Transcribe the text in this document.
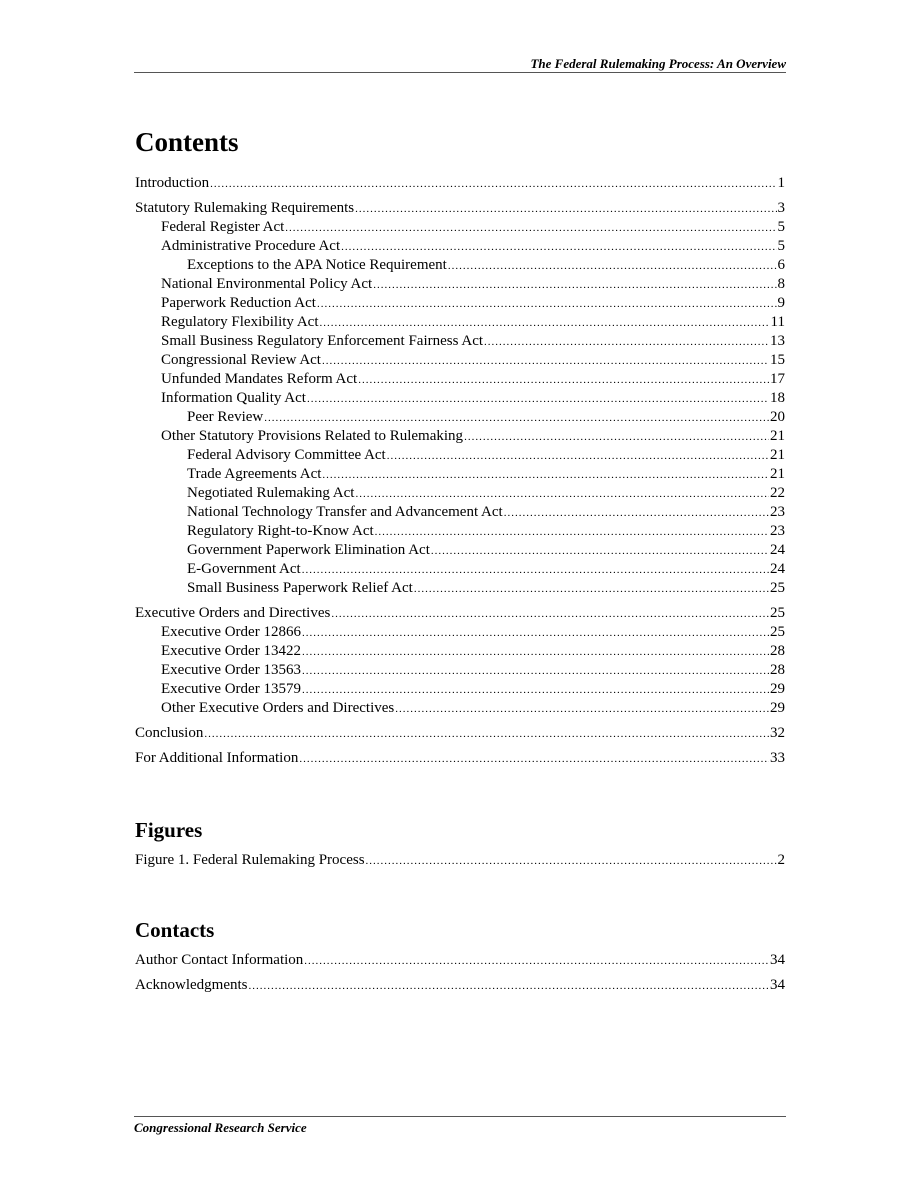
The Federal Rulemaking Process: An Overview
Contents
Introduction .....	1
Statutory Rulemaking Requirements .....	3
Federal Register Act .....	5
Administrative Procedure Act .....	5
Exceptions to the APA Notice Requirement .....	6
National Environmental Policy Act .....	8
Paperwork Reduction Act .....	9
Regulatory Flexibility Act .....	11
Small Business Regulatory Enforcement Fairness Act .....	13
Congressional Review Act .....	15
Unfunded Mandates Reform Act .....	17
Information Quality Act .....	18
Peer Review .....	20
Other Statutory Provisions Related to Rulemaking .....	21
Federal Advisory Committee Act .....	21
Trade Agreements Act .....	21
Negotiated Rulemaking Act .....	22
National Technology Transfer and Advancement Act .....	23
Regulatory Right-to-Know Act .....	23
Government Paperwork Elimination Act .....	24
E-Government Act .....	24
Small Business Paperwork Relief Act .....	25
Executive Orders and Directives .....	25
Executive Order 12866 .....	25
Executive Order 13422 .....	28
Executive Order 13563 .....	28
Executive Order 13579 .....	29
Other Executive Orders and Directives .....	29
Conclusion .....	32
For Additional Information .....	33
Figures
Figure 1. Federal Rulemaking Process .....	2
Contacts
Author Contact Information .....	34
Acknowledgments .....	34
Congressional Research Service
